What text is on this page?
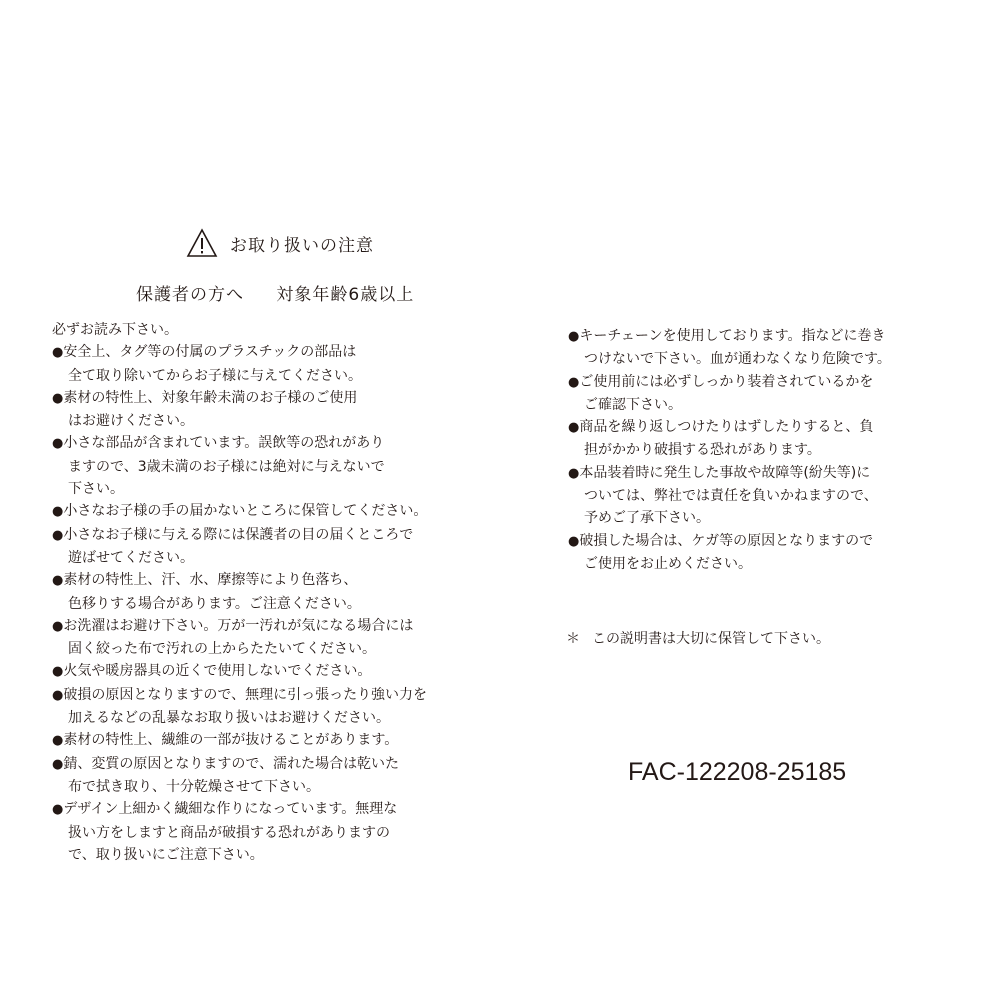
お取り扱いの注意
保護者の方へ 対象年齢6歳以上
必ずお読み下さい。
● 安全上、タグ等の付属のプラスチックの部品は
全て取り除いてからお子様に与えてください。
● 素材の特性上、対象年齢未満のお子様のご使用
はお避けください。
● 小さな部品が含まれています。誤飲等の恐れがあり
ますので、3歳未満のお子様には絶対に与えないで
下さい。
● 小さなお子様の手の届かないところに保管してください。
● 小さなお子様に与える際には保護者の目の届くところで
遊ばせてください。
● 素材の特性上、汗、水、摩擦等により色落ち、
色移りする場合があります。ご注意ください。
● お洗濯はお避け下さい。万が一汚れが気になる場合には
固く絞った布で汚れの上からたたいてください。
● 火気や暖房器具の近くで使用しないでください。
● 破損の原因となりますので、無理に引っ張ったり強い力を
加えるなどの乱暴なお取り扱いはお避けください。
● 素材の特性上、繊維の一部が抜けることがあります。
● 錆、変質の原因となりますので、濡れた場合は乾いた
布で拭き取り、十分乾燥させて下さい。
● デザイン上細かく繊細な作りになっています。無理な
扱い方をしますと商品が破損する恐れがありますの
で、取り扱いにご注意下さい。
● キーチェーンを使用しております。指などに巻き
つけないで下さい。血が通わなくなり危険です。
● ご使用前には必ずしっかり装着されているかを
ご確認下さい。
● 商品を繰り返しつけたりはずしたりすると、負
担がかかり破損する恐れがあります。
● 本品装着時に発生した事故や故障等(紛失等)に
ついては、弊社では責任を負いかねますので、
予めご了承下さい。
● 破損した場合は、ケガ等の原因となりますので
ご使用をお止めください。
＊ この説明書は大切に保管して下さい。
FAC-122208-25185
